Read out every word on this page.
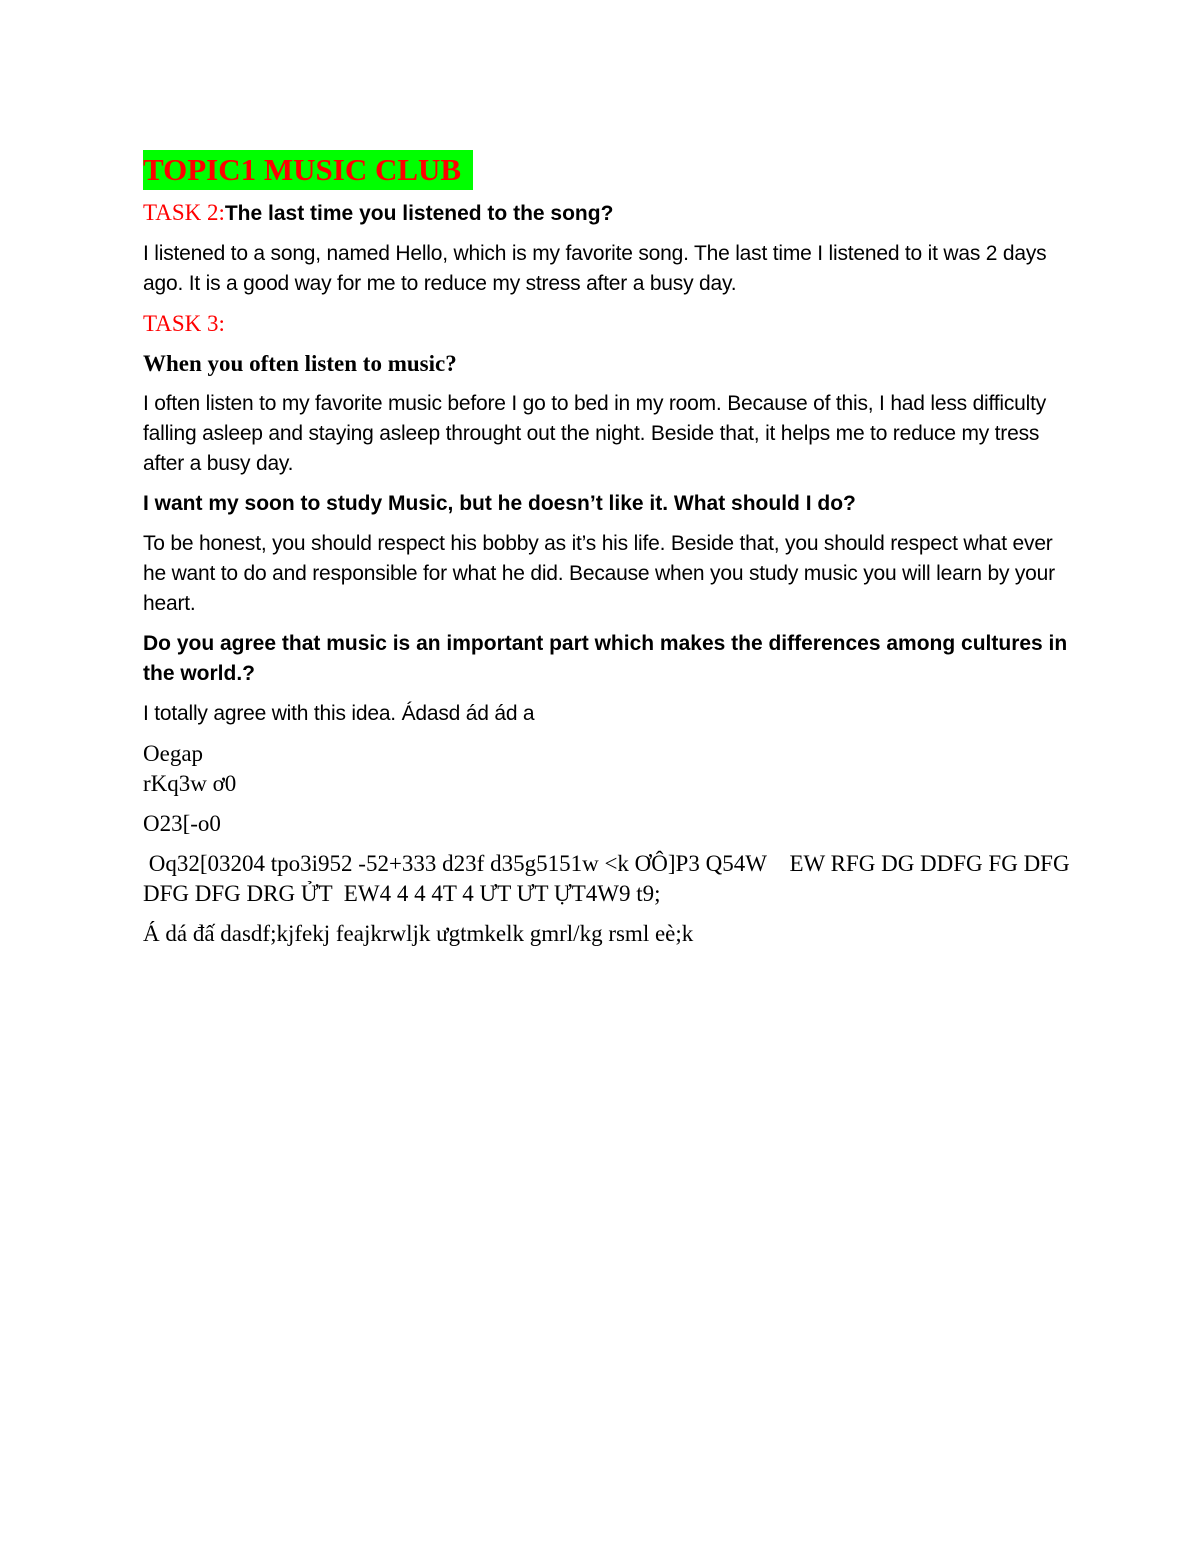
TOPIC1 MUSIC CLUB

TASK 2:The last time you listened to the song?

I listened to a song, named Hello, which is my favorite song. The last time I listened to it was 2 days ago. It is a good way for me to reduce my stress after a busy day.

TASK 3:

When you often listen to music?

I often listen to my favorite music before I go to bed in my room. Because of this, I had less difficulty falling asleep and staying asleep throught out the night. Beside that, it helps me to reduce my tress after a busy day.

I want my soon to study Music, but he doesn’t like it. What should I do?

To be honest, you should respect his bobby as it’s his life. Beside that, you should respect what ever he want to do and responsible for what he did. Because when you study music you will learn by your heart.

Do you agree that music is an important part which makes the differences among cultures in the world.?

I totally agree with this idea. Ádasd ád ád a

Oegap

rKq3w ơ0

O23[-o0

Oq32[03204 tpo3i952 -52+333 d23f d35g5151w <k ƠÔ]P3 Q54W    EW RFG DG DDFG FG DFG DFG DFG DRG ỬT  EW4 4 4 4T 4 ƯT ƯT ỰT4W9 t9;

Á dá đấ dasdf;kjfekj feajkrwljk ưgtmkelk gmrl/kg rsml eè;k
